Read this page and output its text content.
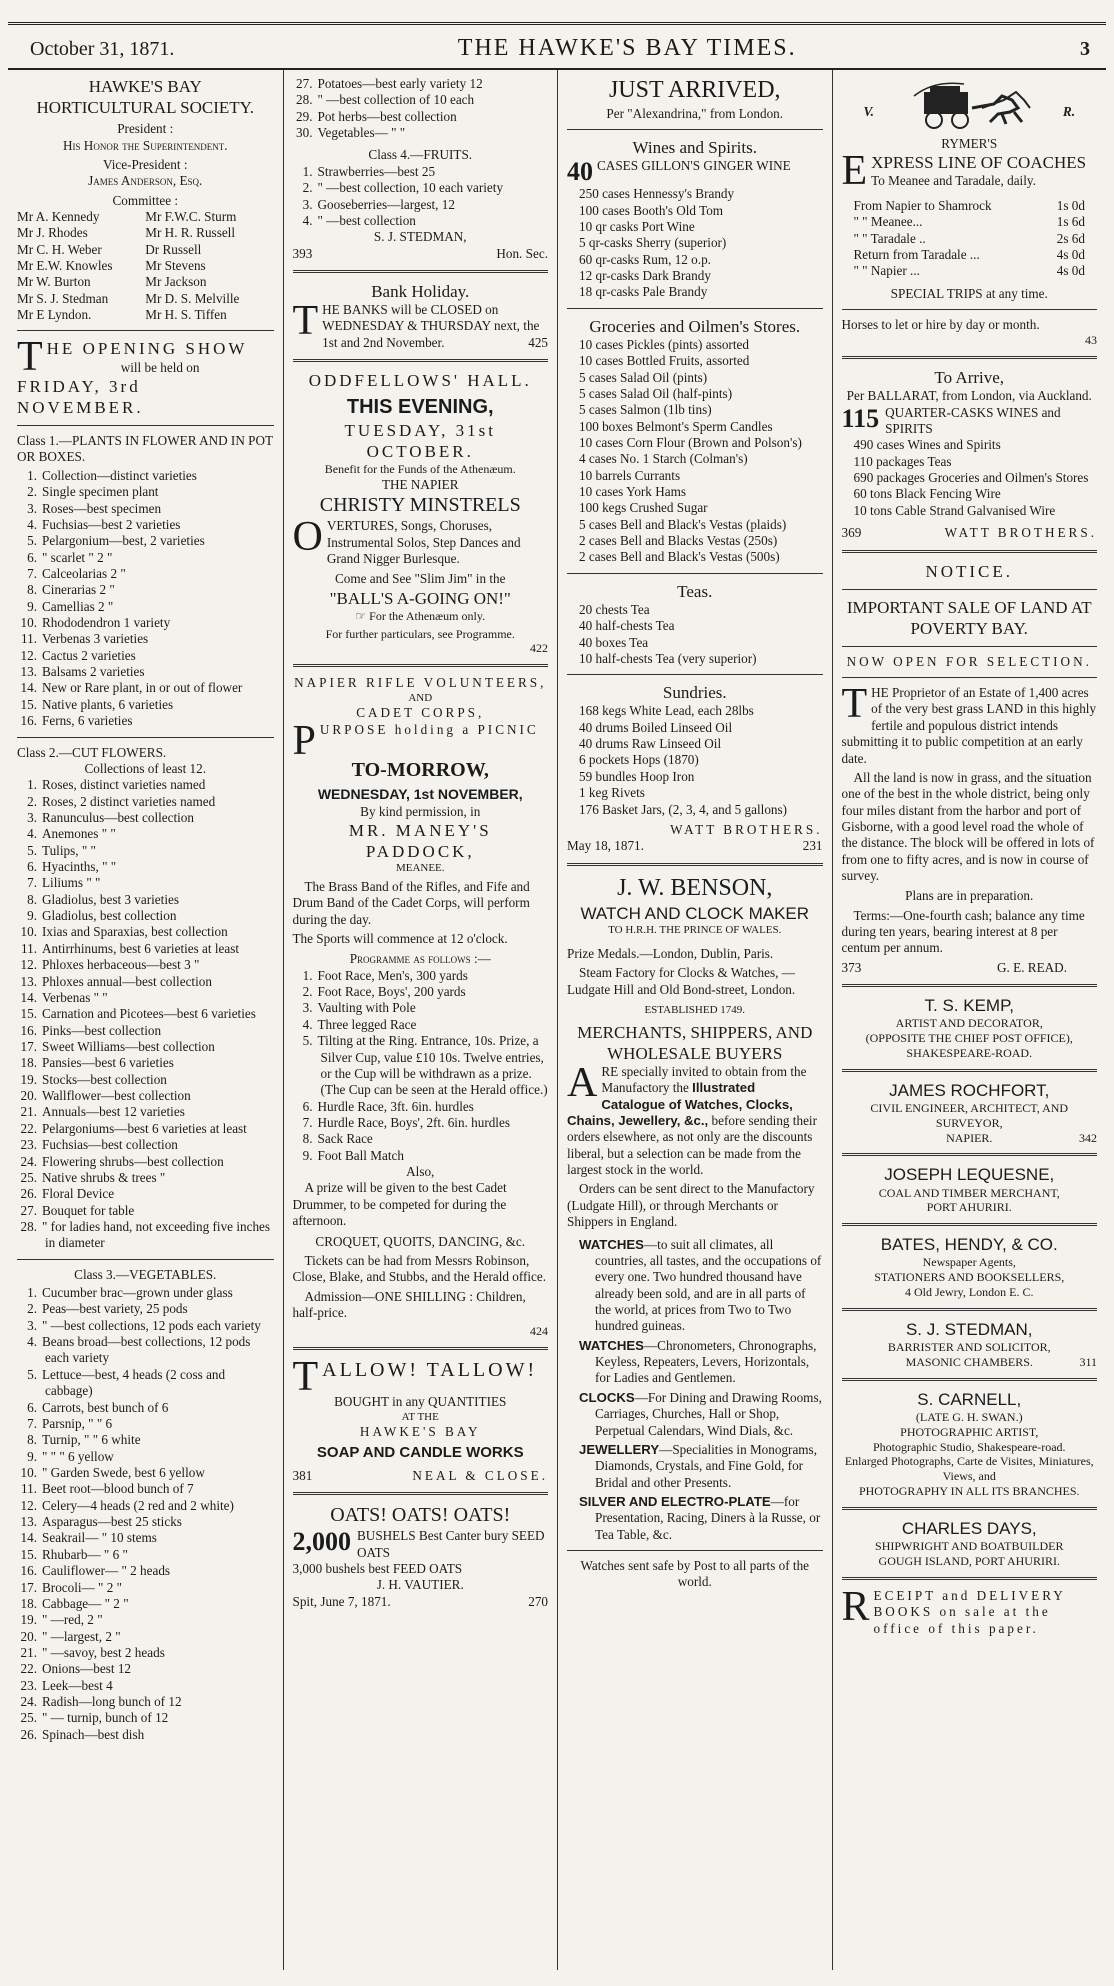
October 31, 1871.	THE HAWKE'S BAY TIMES.	3
HAWKE'S BAY
HORTICULTURAL SOCIETY.
President :
His Honor the Superintendent.
Vice-President :
James Anderson, Esq.
Committee :
Mr A. Kennedy	Mr F.W.C. Sturm
Mr J. Rhodes	Mr H. R. Russell
Mr C. H. Weber	Dr Russell
Mr E.W. Knowles	Mr Stevens
Mr W. Burton	Mr Jackson
Mr S. J. Stedman	Mr D. S. Melville
Mr E Lyndon.	Mr H. S. Tiffen
T HE OPENING SHOW
will be held on
FRIDAY, 3rd NOVEMBER.
Class 1.—PLANTS IN FLOWER AND IN POT OR BOXES.
1. Collection—distinct varieties
2. Single specimen plant
3. Roses—best specimen
4. Fuchsias—best 2 varieties
5. Pelargonium—best, 2 varieties
6. " scarlet " 2 "
7. Calceolarias 2 "
8. Cinerarias 2 "
9. Camellias 2 "
10. Rhododendron 1 variety
11. Verbenas 3 varieties
12. Cactus 2 varieties
13. Balsams 2 varieties
14. New or Rare plant, in or out of flower
15. Native plants, 6 varieties
16. Ferns, 6 varieties
Class 2.—CUT FLOWERS.
Collections of least 12.
1. Roses, distinct varieties named
2. Roses, 2 distinct varieties named
3. Ranunculus—best collection
4. Anemones " "
5. Tulips, " "
6. Hyacinths, " "
7. Liliums " "
8. Gladiolus, best 3 varieties
9. Gladiolus, best collection
10. Ixias and Sparaxias, best collection
11. Antirrhinums, best 6 varieties at least
12. Phloxes herbaceous—best 3 "
13. Phloxes annual—best collection
14. Verbenas " "
15. Carnation and Picotees—best 6 varieties
16. Pinks—best collection
17. Sweet Williams—best collection
18. Pansies—best 6 varieties
19. Stocks—best collection
20. Wallflower—best collection
21. Annuals—best 12 varieties
22. Pelargoniums—best 6 varieties at least
23. Fuchsias—best collection
24. Flowering shrubs—best collection
25. Native shrubs & trees "
26. Floral Device
27. Bouquet for table
28. " for ladies hand, not exceeding five inches in diameter
Class 3.—VEGETABLES.
1. Cucumber brac—grown under glass
2. Peas—best variety, 25 pods
3. " —best collections, 12 pods each variety
4. Beans broad—best collections, 12 pods each variety
5. Lettuce—best, 4 heads (2 coss and cabbage)
6. Carrots, best bunch of 6
7. Parsnip, " " 6
8. Turnip, " " 6 white
9. " " " 6 yellow
10. " Garden Swede, best 6 yellow
11. Beet root—blood bunch of 7
12. Celery—4 heads (2 red and 2 white)
13. Asparagus—best 25 sticks
14. Seakrail— " 10 stems
15. Rhubarb— " 6 "
16. Cauliflower— " 2 heads
17. Brocoli— " 2 "
18. Cabbage— " 2 "
19. " —red, 2 "
20. " —largest, 2 "
21. " —savoy, best 2 heads
22. Onions—best 12
23. Leek—best 4
24. Radish—long bunch of 12
25. " — turnip, bunch of 12
26. Spinach—best dish
27. Potatoes—best early variety 12
28. " —best collection of 10 each
29. Pot herbs—best collection
30. Vegetables— " "
Class 4.—FRUITS.
1. Strawberries—best 25
2. " —best collection, 10 each variety
3. Gooseberries—largest, 12
4. " —best collection
S. J. STEDMAN,
393	Hon. Sec.
Bank Holiday.
T HE BANKS will be CLOSED on WEDNESDAY & THURSDAY next, the 1st and 2nd November.	425
ODDFELLOWS' HALL.
THIS EVENING,
TUESDAY, 31st OCTOBER.
Benefit for the Funds of the Athenæum.
THE NAPIER
CHRISTY MINSTRELS
O VERTURES, Songs, Choruses, Instrumental Solos, Step Dances and Grand Nigger Burlesque.
Come and See "Slim Jim" in the
"BALL'S A-GOING ON!"
☞ For the Athenæum only.
For further particulars, see Programme.
422
NAPIER RIFLE VOLUNTEERS,
AND
CADET CORPS,
P URPOSE holding a PICNIC
TO-MORROW,
WEDNESDAY, 1st NOVEMBER,
By kind permission, in
MR. MANEY'S PADDOCK,
MEANEE.

The Brass Band of the Rifles, and Fife and Drum Band of the Cadet Corps, will perform during the day.

The Sports will commence at 12 o'clock.

Programme as follows :—
1. Foot Race, Men's, 300 yards
2. Foot Race, Boys', 200 yards
3. Vaulting with Pole
4. Three legged Race
5. Tilting at the Ring. Entrance, 10s. Prize, a Silver Cup, value £10 10s. Twelve entries, or the Cup will be withdrawn as a prize. (The Cup can be seen at the Herald office.)
6. Hurdle Race, 3ft. 6in. hurdles
7. Hurdle Race, Boys', 2ft. 6in. hurdles
8. Sack Race
9. Foot Ball Match
Also,

A prize will be given to the best Cadet Drummer, to be competed for during the afternoon.

CROQUET, QUOITS, DANCING, &c.

Tickets can be had from Messrs Robinson, Close, Blake, and Stubbs, and the Herald office.

Admission—ONE SHILLING : Children, half-price.

424
T ALLOW! TALLOW!
BOUGHT in any QUANTITIES
AT THE
HAWKE'S BAY
SOAP AND CANDLE WORKS
381	NEAL & CLOSE.
OATS! OATS! OATS!
2,000 BUSHELS Best Canter bury SEED OATS
3,000 bushels best FEED OATS
J. H. VAUTIER.
Spit, June 7, 1871.	270
JUST ARRIVED,
Per "Alexandrina," from London.
Wines and Spirits.
40 CASES GILLON'S GINGER WINE
250 cases Hennessy's Brandy
100 cases Booth's Old Tom
10 qr casks Port Wine
5 qr-casks Sherry (superior)
60 qr-casks Rum, 12 o.p.
12 qr-casks Dark Brandy
18 qr-casks Pale Brandy
Groceries and Oilmen's Stores.
10 cases Pickles (pints) assorted
10 cases Bottled Fruits, assorted
5 cases Salad Oil (pints)
5 cases Salad Oil (half-pints)
5 cases Salmon (1lb tins)
100 boxes Belmont's Sperm Candles
10 cases Corn Flour (Brown and Polson's)
4 cases No. 1 Starch (Colman's)
10 barrels Currants
10 cases York Hams
100 kegs Crushed Sugar
5 cases Bell and Black's Vestas (plaids)
2 cases Bell and Blacks Vestas (250s)
2 cases Bell and Black's Vestas (500s)
Teas.
20 chests Tea
40 half-chests Tea
40 boxes Tea
10 half-chests Tea (very superior)
Sundries.
168 kegs White Lead, each 28lbs
40 drums Boiled Linseed Oil
40 drums Raw Linseed Oil
6 pockets Hops (1870)
59 bundles Hoop Iron
1 keg Rivets
176 Basket Jars, (2, 3, 4, and 5 gallons)
WATT BROTHERS.
May 18, 1871.	231
J. W. BENSON,
WATCH AND CLOCK MAKER
TO H.R.H. THE PRINCE OF WALES.

Prize Medals.—London, Dublin, Paris.

Steam Factory for Clocks & Watches, —Ludgate Hill and Old Bond-street, London.

ESTABLISHED 1749.
MERCHANTS, SHIPPERS, AND WHOLESALE BUYERS
A RE specially invited to obtain from the Manufactory the Illustrated Catalogue of Watches, Clocks, Chains, Jewellery, &c., before sending their orders elsewhere, as not only are the discounts liberal, but a selection can be made from the largest stock in the world.

Orders can be sent direct to the Manufactory (Ludgate Hill), or through Merchants or Shippers in England.

WATCHES—to suit all climates, all countries, all tastes, and the occupations of every one. Two hundred thousand have already been sold, and are in all parts of the world, at prices from Two to Two hundred guineas.
WATCHES—Chronometers, Chronographs, Keyless, Repeaters, Levers, Horizontals, for Ladies and Gentlemen.
CLOCKS—For Dining and Drawing Rooms, Carriages, Churches, Hall or Shop, Perpetual Calendars, Wind Dials, &c.
JEWELLERY—Specialities in Monograms, Diamonds, Crystals, and Fine Gold, for Bridal and other Presents.
SILVER AND ELECTRO-PLATE—for Presentation, Racing, Diners à la Russe, or Tea Table, &c.
Watches sent safe by Post to all parts of the world.
V.	R.
RYMER'S
E XPRESS LINE OF COACHES
To Meanee and Taradale, daily.
From Napier to Shamrock	1s 0d
" " Meanee...	1s 6d
" " Taradale ..	2s 6d
Return from Taradale ...	4s 0d
" " Napier ...	4s 0d
SPECIAL TRIPS at any time.
Horses to let or hire by day or month.
43
To Arrive,
Per BALLARAT, from London, via Auckland.
115 QUARTER-CASKS WINES and SPIRITS
490 cases Wines and Spirits
110 packages Teas
690 packages Groceries and Oilmen's Stores
60 tons Black Fencing Wire
10 tons Cable Strand Galvanised Wire
369	WATT BROTHERS.
NOTICE.
IMPORTANT SALE OF LAND AT POVERTY BAY.
NOW OPEN FOR SELECTION.
T HE Proprietor of an Estate of 1,400 acres of the very best grass LAND in this highly fertile and populous district intends submitting it to public competition at an early date.

All the land is now in grass, and the situation one of the best in the whole district, being only four miles distant from the harbor and port of Gisborne, with a good level road the whole of the distance. The block will be offered in lots of from one to fifty acres, and is now in course of survey.

Plans are in preparation.

Terms:—One-fourth cash; balance any time during ten years, bearing interest at 8 per centum per annum.

373	G. E. READ.
T. S. KEMP,
ARTIST AND DECORATOR,
(OPPOSITE THE CHIEF POST OFFICE),
SHAKESPEARE-ROAD.
JAMES ROCHFORT,
CIVIL ENGINEER, ARCHITECT, AND
SURVEYOR,
NAPIER.	342
JOSEPH LEQUESNE,
COAL AND TIMBER MERCHANT,
PORT AHURIRI.
BATES, HENDY, & CO.
Newspaper Agents,
STATIONERS AND BOOKSELLERS,
4 Old Jewry, London E. C.
S. J. STEDMAN,
BARRISTER AND SOLICITOR,
MASONIC CHAMBERS.	311
S. CARNELL,
(LATE G. H. SWAN.)
PHOTOGRAPHIC ARTIST,
Photographic Studio, Shakespeare-road.
Enlarged Photographs, Carte de Visites, Miniatures, Views, and
PHOTOGRAPHY IN ALL ITS BRANCHES.
CHARLES DAYS,
SHIPWRIGHT AND BOATBUILDER
GOUGH ISLAND, PORT AHURIRI.
R ECEIPT and DELIVERY BOOKS on sale at the office of this paper.
